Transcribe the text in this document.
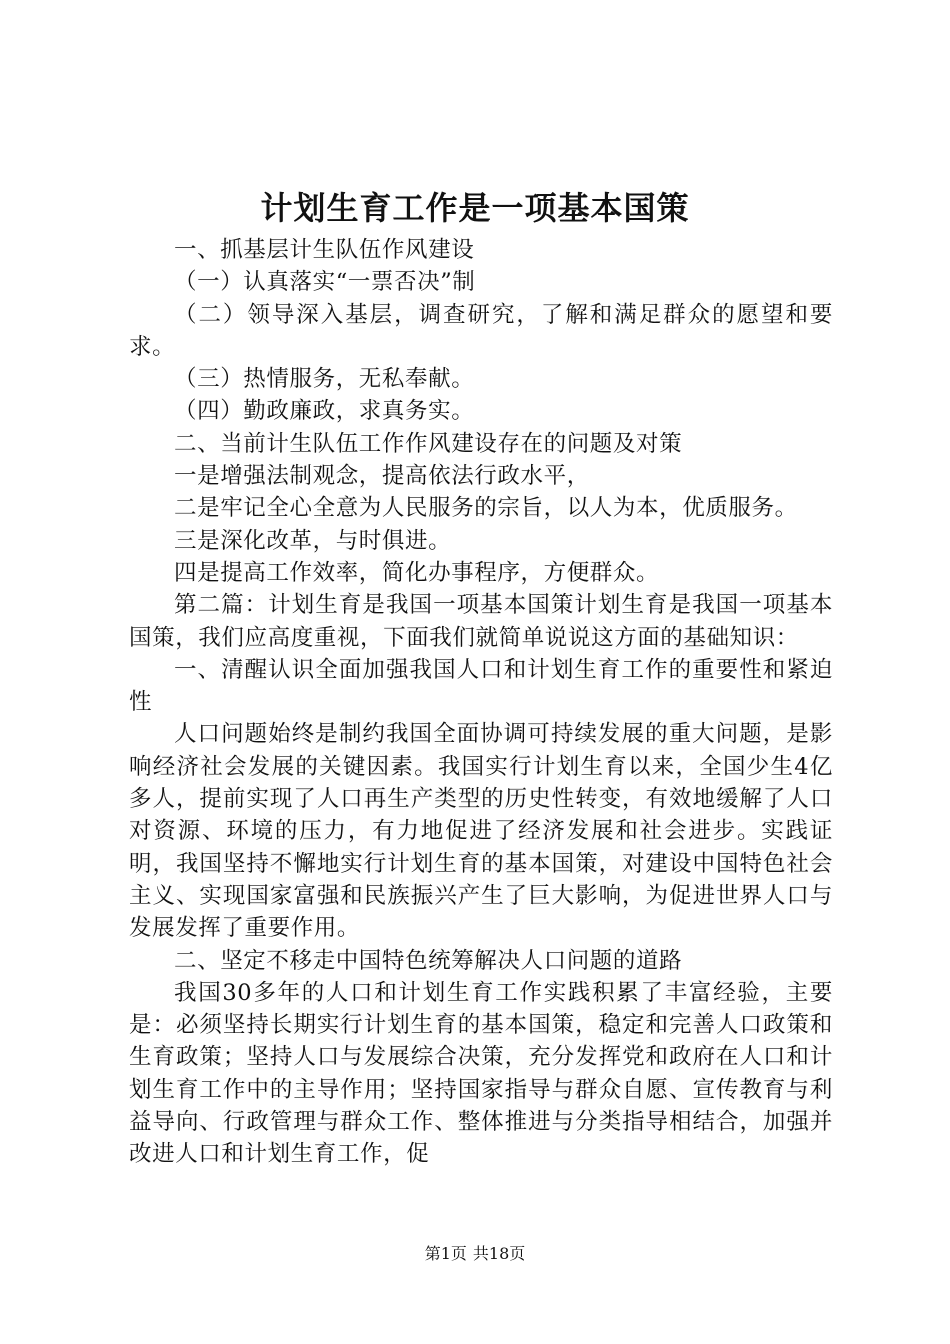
计划生育工作是一项基本国策

一、抓基层计生队伍作风建设

（一）认真落实“一票否决”制

（二）领导深入基层，调查研究，了解和满足群众的愿望和要求。

（三）热情服务，无私奉献。

（四）勤政廉政，求真务实。

二、当前计生队伍工作作风建设存在的问题及对策

一是增强法制观念，提高依法行政水平，

二是牢记全心全意为人民服务的宗旨，以人为本，优质服务。

三是深化改革，与时俱进。

四是提高工作效率，简化办事程序，方便群众。

第二篇：计划生育是我国一项基本国策计划生育是我国一项基本国策，我们应高度重视，下面我们就简单说说这方面的基础知识：

一、清醒认识全面加强我国人口和计划生育工作的重要性和紧迫性

人口问题始终是制约我国全面协调可持续发展的重大问题，是影响经济社会发展的关键因素。我国实行计划生育以来，全国少生4亿多人，提前实现了人口再生产类型的历史性转变，有效地缓解了人口对资源、环境的压力，有力地促进了经济发展和社会进步。实践证明，我国坚持不懈地实行计划生育的基本国策，对建设中国特色社会主义、实现国家富强和民族振兴产生了巨大影响，为促进世界人口与发展发挥了重要作用。

二、坚定不移走中国特色统筹解决人口问题的道路

我国30多年的人口和计划生育工作实践积累了丰富经验，主要是：必须坚持长期实行计划生育的基本国策，稳定和完善人口政策和生育政策；坚持人口与发展综合决策，充分发挥党和政府在人口和计划生育工作中的主导作用；坚持国家指导与群众自愿、宣传教育与利益导向、行政管理与群众工作、整体推进与分类指导相结合，加强并改进人口和计划生育工作，促

第1页 共18页
